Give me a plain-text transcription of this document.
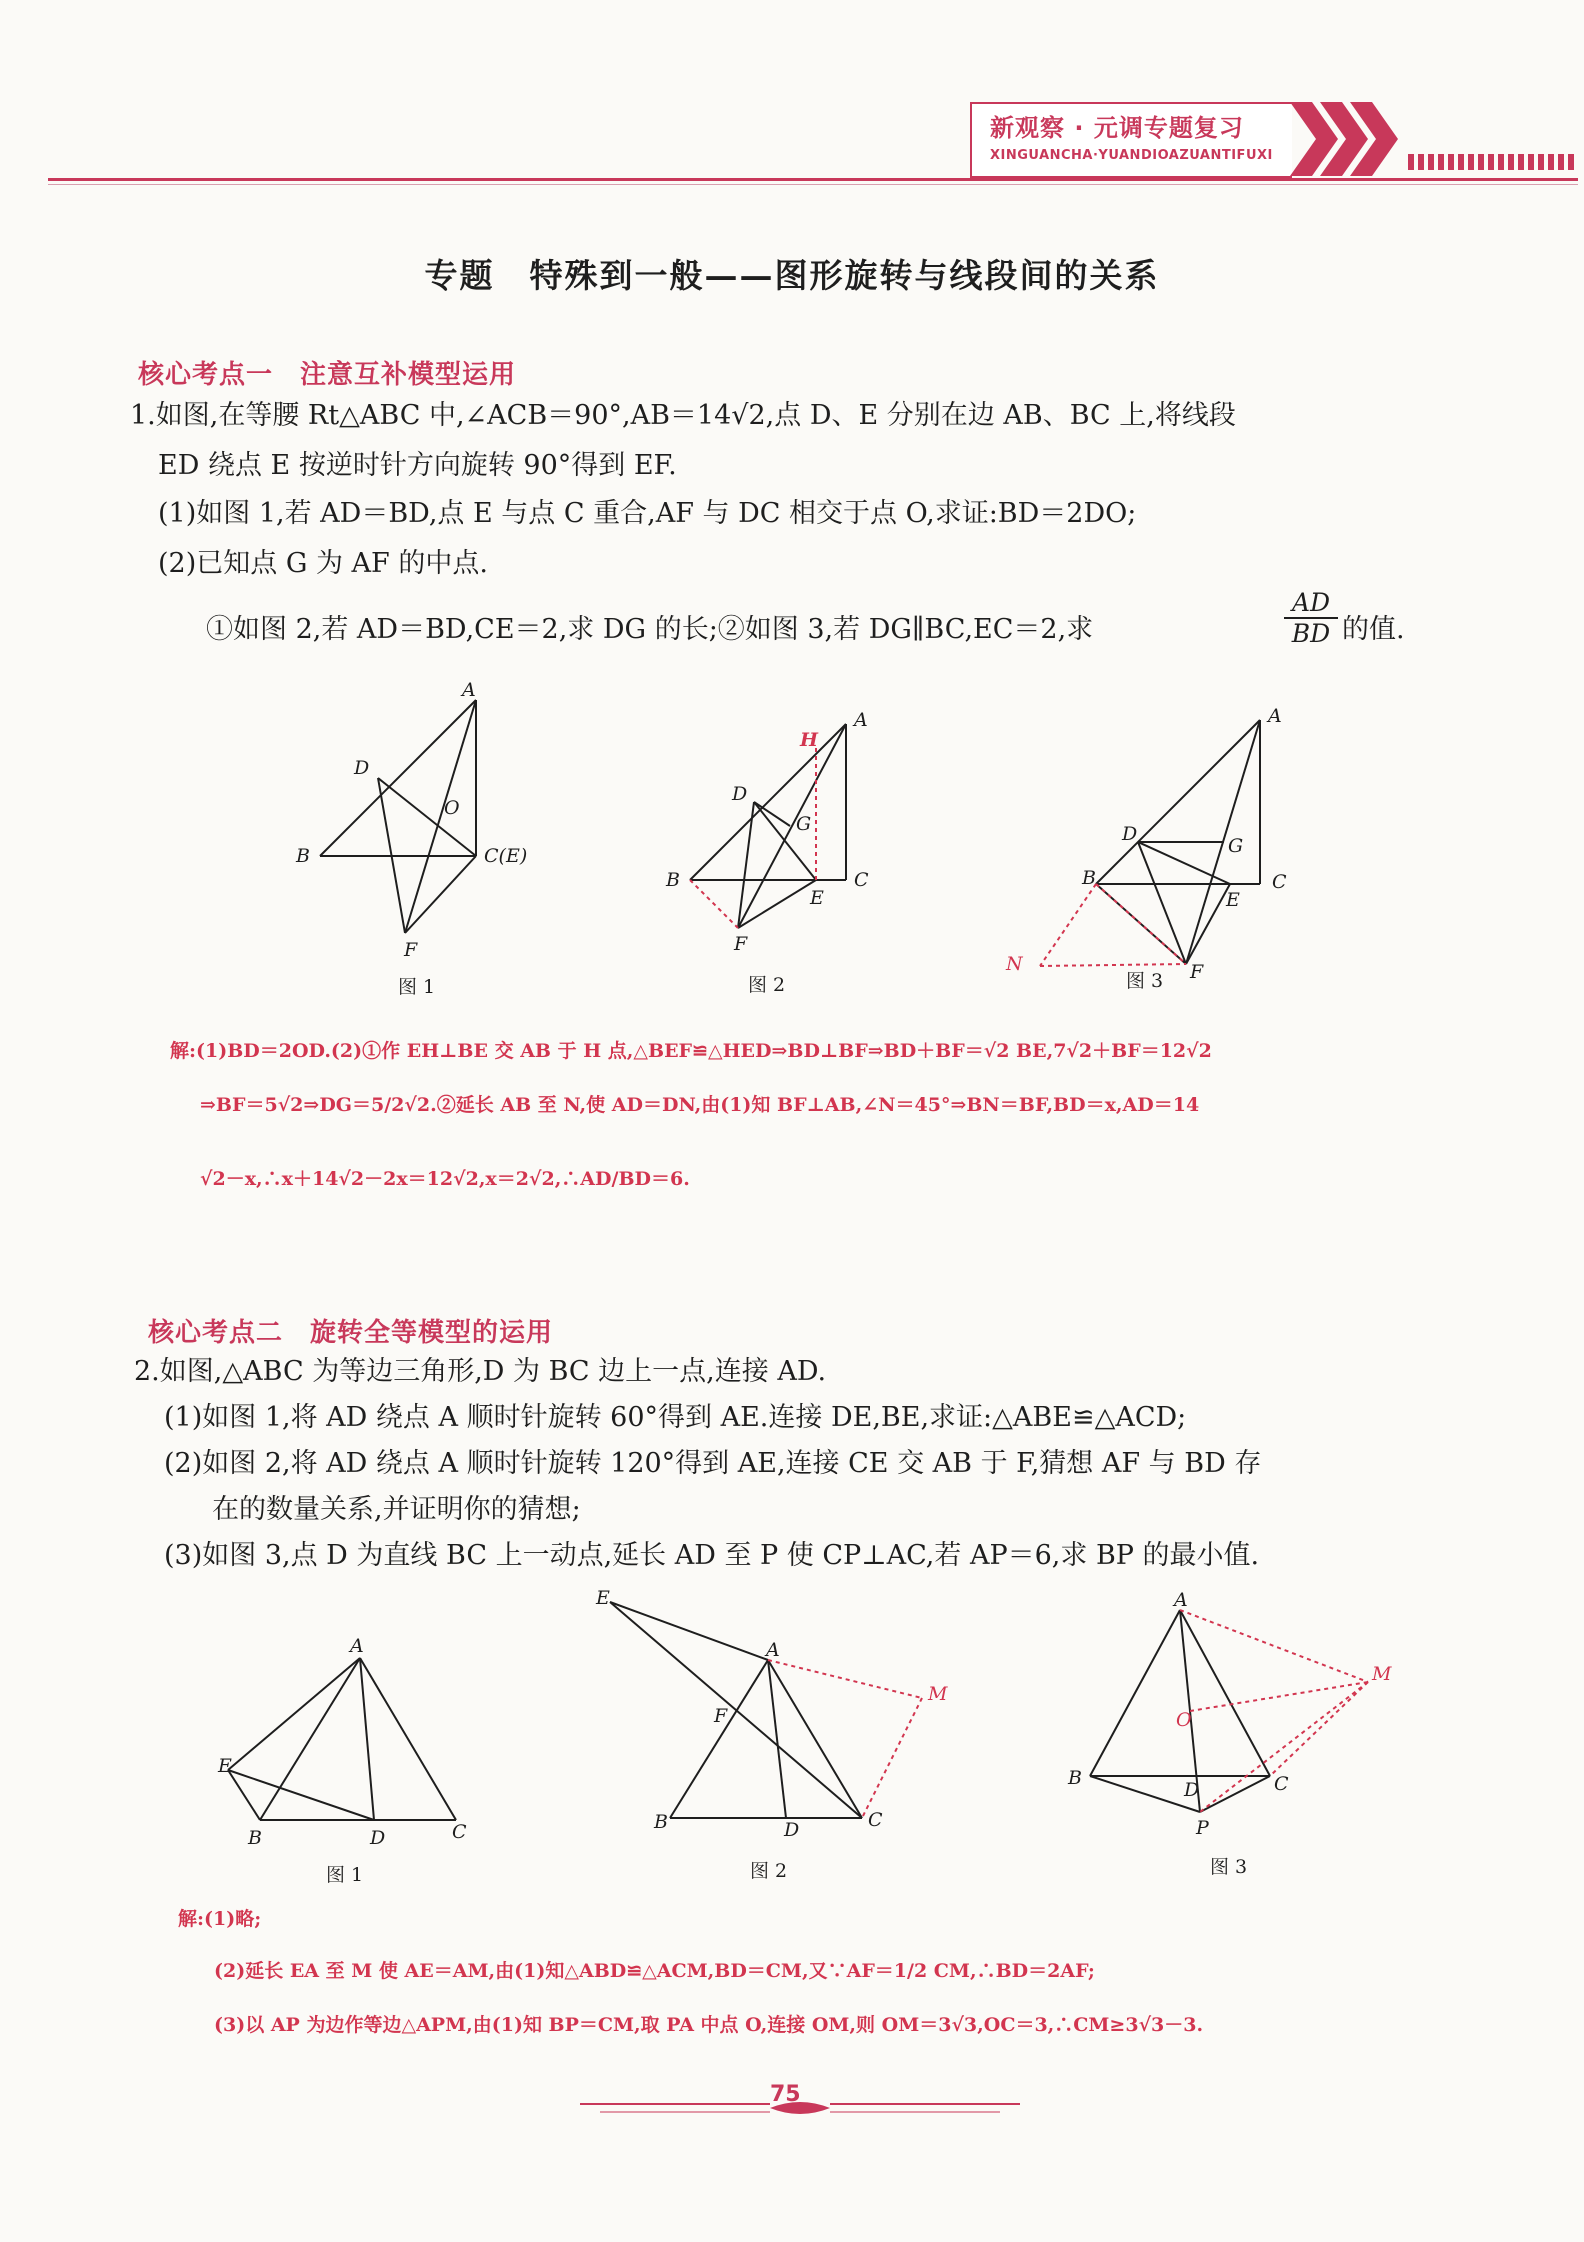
新观察 · 元调专题复习
XINGUANCHA·YUANDIOAZUANTIFUXI
专题　特殊到一般——图形旋转与线段间的关系
核心考点一　注意互补模型运用
1.如图,在等腰 Rt△ABC 中,∠ACB＝90°,AB＝14√2,点 D、E 分别在边 AB、BC 上,将线段
ED 绕点 E 按逆时针方向旋转 90°得到 EF.
(1)如图 1,若 AD＝BD,点 E 与点 C 重合,AF 与 DC 相交于点 O,求证:BD＝2DO;
(2)已知点 G 为 AF 的中点.
①如图 2,若 AD＝BD,CE＝2,求 DG 的长;②如图 3,若 DG∥BC,EC＝2,求	$\frac{AD}{BD}$ 的值.
A
B	C(E)
D
O
F
H
A
B	C
D
G
E
F
A
B	C
D
G
E
F
N
图 1	图 2	图 3
解:(1)BD＝2OD.(2)①作 EH⊥BE 交 AB 于 H 点,△BEF≌△HED⇒BD⊥BF⇒BD＋BF＝√2 BE,7√2＋BF＝12√2
⇒BF＝5√2⇒DG＝5/2√2.②延长 AB 至 N,使 AD＝DN,由(1)知 BF⊥AB,∠N＝45°⇒BN＝BF,BD＝x,AD＝14
√2－x,∴x＋14√2－2x＝12√2,x＝2√2,∴AD/BD＝6.
核心考点二　旋转全等模型的运用
2.如图,△ABC 为等边三角形,D 为 BC 边上一点,连接 AD.
(1)如图 1,将 AD 绕点 A 顺时针旋转 60°得到 AE.连接 DE,BE,求证:△ABE≌△ACD;
(2)如图 2,将 AD 绕点 A 顺时针旋转 120°得到 AE,连接 CE 交 AB 于 F,猜想 AF 与 BD 存
在的数量关系,并证明你的猜想;
(3)如图 3,点 D 为直线 BC 上一动点,延长 AD 至 P 使 CP⊥AC,若 AP＝6,求 BP 的最小值.
A
B	C
D
E
E
A
F
B	D	C
M
A
B	C
D
P
O
M
图 1	图 2	图 3
解:(1)略;
(2)延长 EA 至 M 使 AE＝AM,由(1)知△ABD≌△ACM,BD＝CM,又∵AF＝1/2 CM,∴BD＝2AF;
(3)以 AP 为边作等边△APM,由(1)知 BP＝CM,取 PA 中点 O,连接 OM,则 OM＝3√3,OC＝3,∴CM≥3√3－3.
75
